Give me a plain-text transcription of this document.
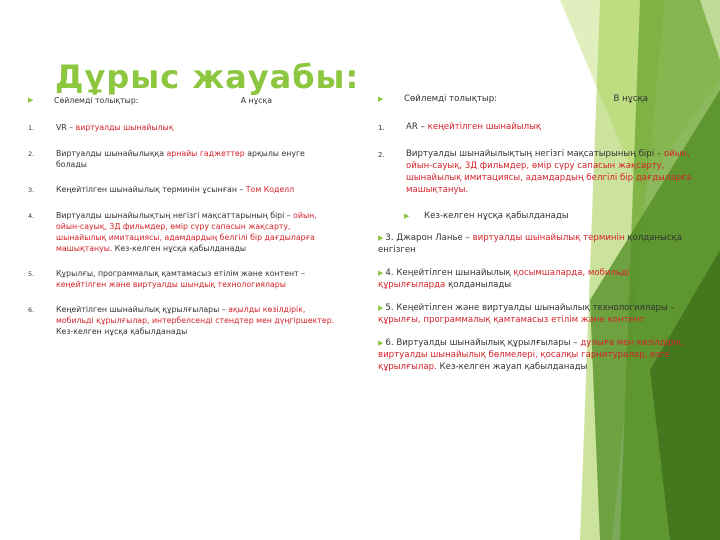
Дұрыс жауабы:
▶	Сөйлемді толықтыр:	А нұсқа
1.	VR – виртуалды шынайылық
2.	Виртуалды шынайылыққа арнайы гаджеттер арқылы енуге болады
3.	Кеңейтілген шынайылық терминін ұсынған – Том Коделл
4.	Виртуалды шынайылықтың негізгі мақсаттарының бірі – ойын, ойын-сауық, 3Д фильмдер, өмір сүру сапасын жақсарту, шынайылық имитациясы, адамдардың белгілі бір дағдыларға машықтануы. Кез-келген нұсқа қабылданады
5.	Құрылғы, программалық қамтамасыз етілім және контент – кеңейтілген және виртуалды шындық технологиялары
6.	Кеңейтілген шынайылық құрылғылары – ақылды көзілдірік, мобильді құрылғылар, интербелсенді стендтер мен дүңгіршектер. Кез-келген нұсқа қабылданады
▶	Сөйлемді толықтыр:	В нұсқа
1.	AR – кеңейтілген шынайылық
2.	Виртуалды шынайылықтың негізгі мақсатырының бірі – ойын, ойын-сауық, 3Д фильмдер, өмір сүру сапасын жақсарту, шынайылық имитациясы, адамдардың белгілі бір дағдыларға машықтануы.
▶	Кез-келген нұсқа қабылданады
▶ 3. Джарон Ланье – виртуалды шынайылық терминін қолданысқа енгізген
▶ 4. Кеңейтілген шынайылық қосымшаларда, мобильді құрылғыларда қолданылады
▶ 5. Кеңейтілген және виртуалды шынайылық технологиялары –құрылғы, программалық қамтамасыз етілім және контент
▶ 6. Виртуалды шынайылық құрылғылары – дулыға мен көзілдірік, виртуалды шынайылық бөлмелері, қосалқы гарнитуралар, өзге құрылғылар. Кез-келген жауап қабылданады
